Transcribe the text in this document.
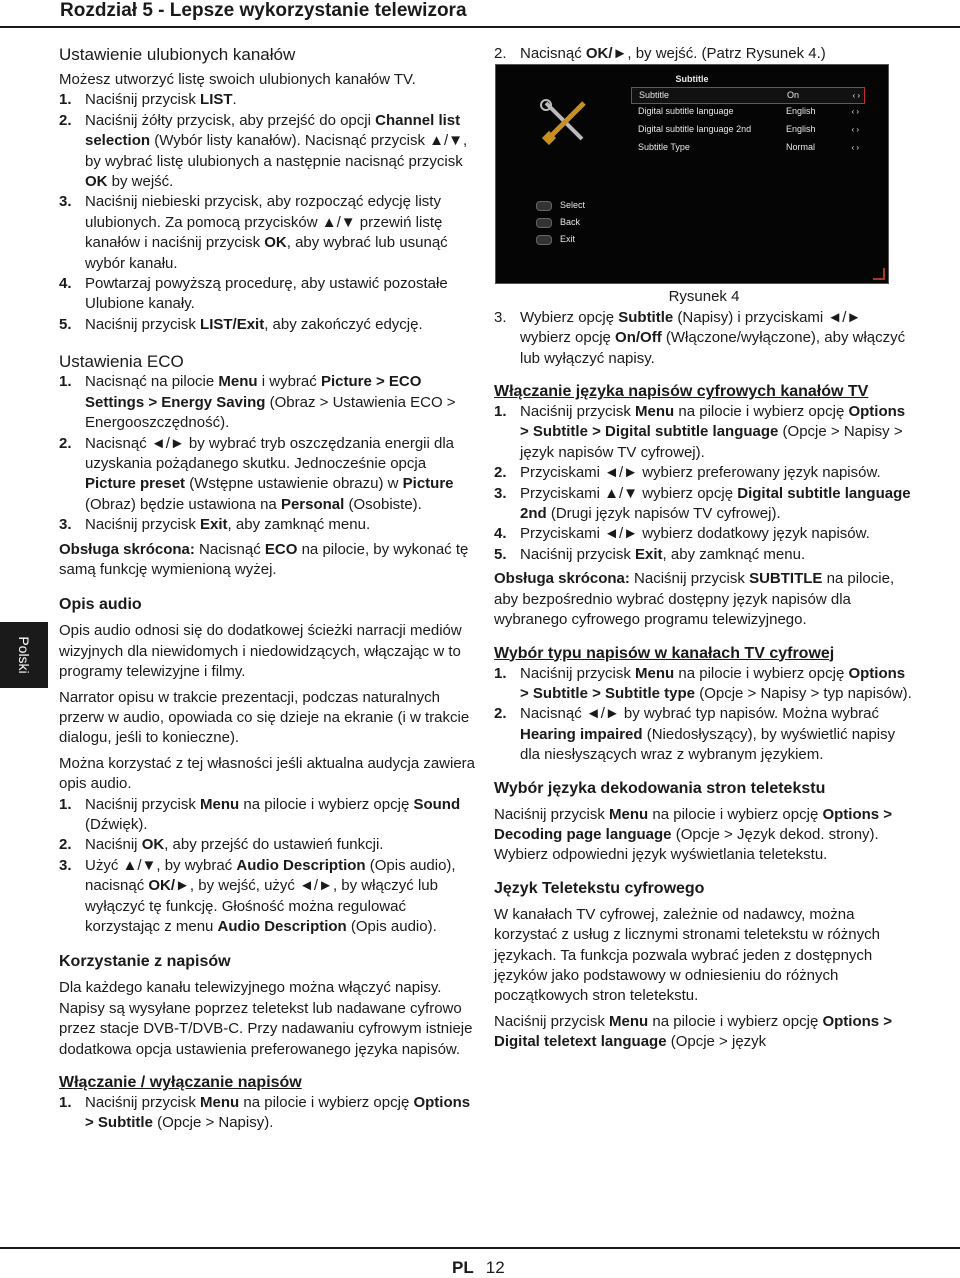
Rozdział 5 - Lepsze wykorzystanie telewizora
Polski
Ustawienie ulubionych kanałów

Możesz utworzyć listę swoich ulubionych kanałów TV.

1. Naciśnij przycisk LIST.
2. Naciśnij żółty przycisk, aby przejść do opcji Channel list selection (Wybór listy kanałów). Nacisnąć przycisk ▲/▼, by wybrać listę ulubionych a następnie nacisnąć przycisk OK by wejść.
3. Naciśnij niebieski przycisk, aby rozpocząć edycję listy ulubionych. Za pomocą przycisków ▲/▼ przewiń listę kanałów i naciśnij przycisk OK, aby wybrać lub usunąć wybór kanału.
4. Powtarzaj powyższą procedurę, aby ustawić pozostałe Ulubione kanały.
5. Naciśnij przycisk LIST/Exit, aby zakończyć edycję.
Ustawienia ECO
1. Nacisnąć na pilocie Menu i wybrać Picture > ECO Settings > Energy Saving (Obraz > Ustawienia ECO > Energooszczędność).
2. Nacisnąć ◄/► by wybrać tryb oszczędzania energii dla uzyskania pożądanego skutku. Jednocześnie opcja Picture preset (Wstępne ustawienie obrazu) w Picture (Obraz) będzie ustawiona na Personal (Osobiste).
3. Naciśnij przycisk Exit, aby zamknąć menu.

Obsługa skrócona: Nacisnąć ECO na pilocie, by wykonać tę samą funkcję wymienioną wyżej.

Opis audio

Opis audio odnosi się do dodatkowej ścieżki narracji mediów wizyjnych dla niewidomych i niedowidzących, włączając w to programy telewizyjne i filmy.

Narrator opisu w trakcie prezentacji, podczas naturalnych przerw w audio, opowiada co się dzieje na ekranie (i w trakcie dialogu, jeśli to konieczne).

Można korzystać z tej własności jeśli aktualna audycja zawiera opis audio.

1. Naciśnij przycisk Menu na pilocie i wybierz opcję Sound (Dźwięk).
2. Naciśnij OK, aby przejść do ustawień funkcji.
3. Użyć ▲/▼, by wybrać Audio Description (Opis audio), nacisnąć OK/►, by wejść, użyć ◄/►, by włączyć lub wyłączyć tę funkcję. Głośność można regulować korzystając z menu Audio Description (Opis audio).
Korzystanie z napisów

Dla każdego kanału telewizyjnego można włączyć napisy. Napisy są wysyłane poprzez teletekst lub nadawane cyfrowo przez stacje DVB-T/DVB-C. Przy nadawaniu cyfrowym istnieje dodatkowa opcja ustawienia preferowanego języka napisów.

Włączanie / wyłączanie napisów
1. Naciśnij przycisk Menu na pilocie i wybierz opcję Options > Subtitle (Opcje > Napisy).
2. Nacisnąć OK/►, by wejść. (Patrz Rysunek 4.)
Subtitle
Subtitle	On	‹ ›
Digital subtitle language	English	‹ ›
Digital subtitle language 2nd	English	‹ ›
Subtitle Type	Normal	‹ ›
Select
Back
Exit

Rysunek 4

3. Wybierz opcję Subtitle (Napisy) i przyciskami ◄/► wybierz opcję On/Off (Włączone/wyłączone), aby włączyć lub wyłączyć napisy.
Włączanie języka napisów cyfrowych kanałów TV
1. Naciśnij przycisk Menu na pilocie i wybierz opcję Options > Subtitle > Digital subtitle language (Opcje > Napisy > język napisów TV cyfrowej).
2. Przyciskami ◄/► wybierz preferowany język napisów.
3. Przyciskami ▲/▼ wybierz opcję Digital subtitle language 2nd (Drugi język napisów TV cyfrowej).
4. Przyciskami ◄/► wybierz dodatkowy język napisów.
5. Naciśnij przycisk Exit, aby zamknąć menu.

Obsługa skrócona: Naciśnij przycisk SUBTITLE na pilocie, aby bezpośrednio wybrać dostępny język napisów dla wybranego cyfrowego programu telewizyjnego.

Wybór typu napisów w kanałach TV cyfrowej
1. Naciśnij przycisk Menu na pilocie i wybierz opcję Options > Subtitle > Subtitle type (Opcje > Napisy > typ napisów).
2. Nacisnąć ◄/► by wybrać typ napisów. Można wybrać Hearing impaired (Niedosłyszący), by wyświetlić napisy dla niesłyszących wraz z wybranym językiem.
Wybór języka dekodowania stron teletekstu

Naciśnij przycisk Menu na pilocie i wybierz opcję Options > Decoding page language (Opcje > Język dekod. strony). Wybierz odpowiedni język wyświetlania teletekstu.

Język Teletekstu cyfrowego

W kanałach TV cyfrowej, zależnie od nadawcy, można korzystać z usług z licznymi stronami teletekstu w różnych językach. Ta funkcja pozwala wybrać jeden z dostępnych języków jako podstawowy w odniesieniu do różnych początkowych stron teletekstu.

Naciśnij przycisk Menu na pilocie i wybierz opcję Options > Digital teletext language (Opcje > język

PL 12
